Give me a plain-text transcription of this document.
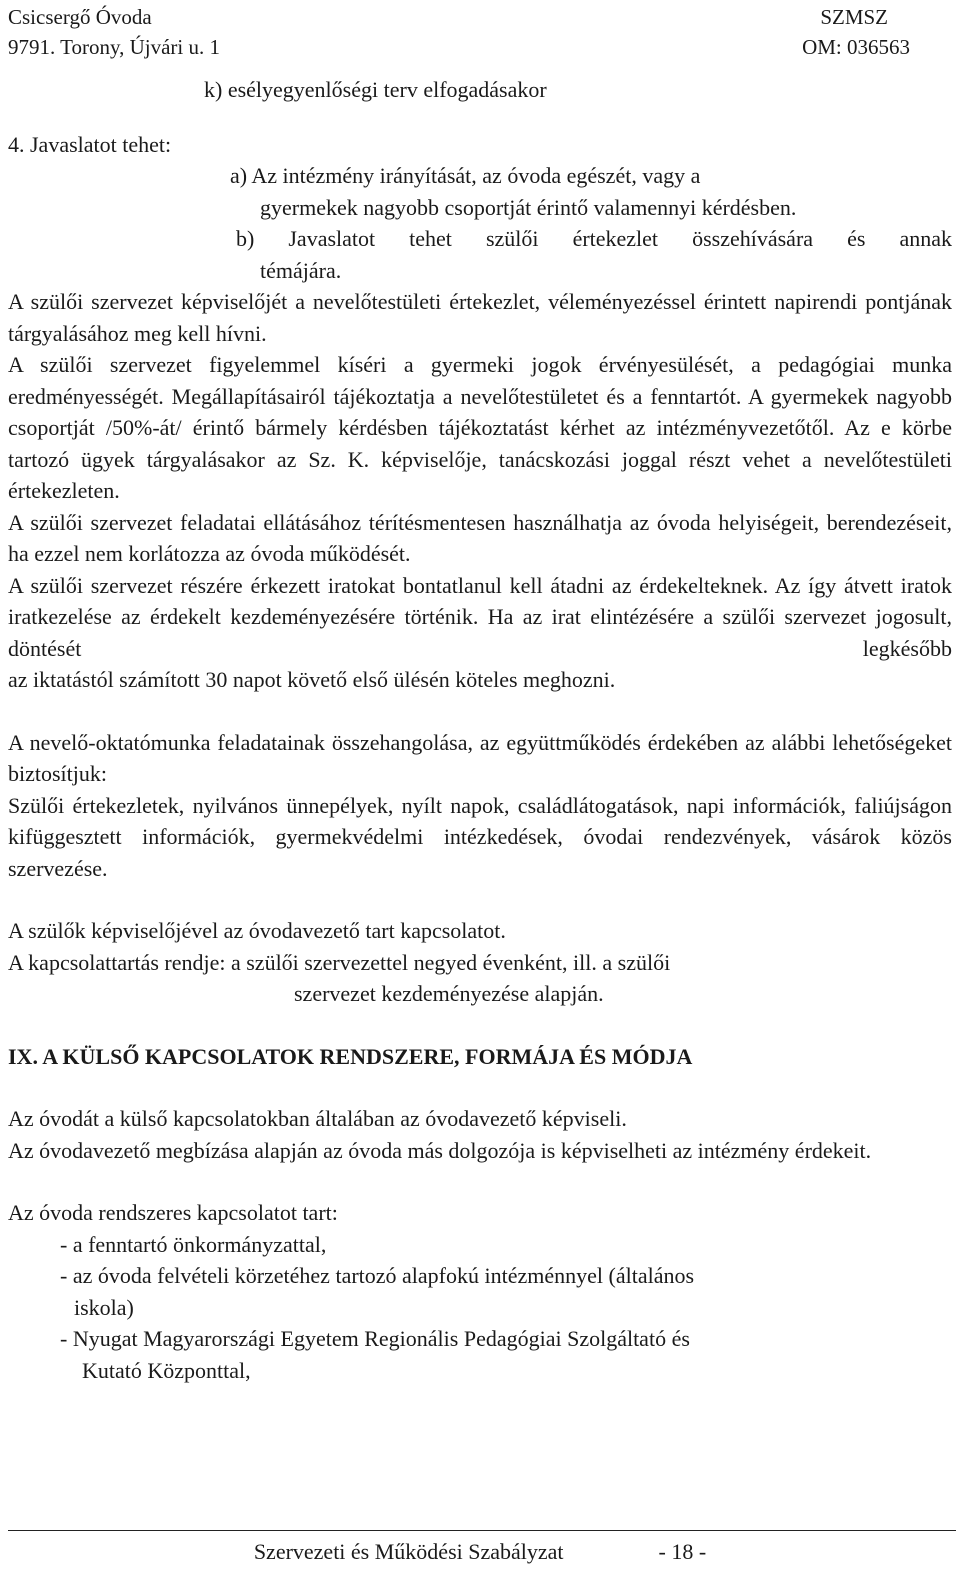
Csicsergő Óvoda	SZMSZ
9791. Torony, Újvári u. 1	OM: 036563

k) esélyegyenlőségi terv elfogadásakor

4. Javaslatot tehet:

a) Az intézmény irányítását, az óvoda egészét, vagy a

gyermekek nagyobb csoportját érintő valamennyi kérdésben.

b) Javaslatot tehet szülői értekezlet összehívására és annak

témájára.

A szülői szervezet képviselőjét a nevelőtestületi értekezlet, véleményezéssel érintett napirendi pontjának tárgyalásához meg kell hívni.

A szülői szervezet figyelemmel kíséri a gyermeki jogok érvényesülését, a pedagógiai munka eredményességét. Megállapításairól tájékoztatja a nevelőtestületet és a fenntartót. A gyermekek nagyobb csoportját /50%-át/ érintő bármely kérdésben tájékoztatást kérhet az intézményvezetőtől. Az e körbe tartozó ügyek tárgyalásakor az Sz. K. képviselője, tanácskozási joggal részt vehet a nevelőtestületi értekezleten.

A szülői szervezet feladatai ellátásához térítésmentesen használhatja az óvoda helyiségeit, berendezéseit, ha ezzel nem korlátozza az óvoda működését.

A szülői szervezet részére érkezett iratokat bontatlanul kell átadni az érdekelteknek. Az így átvett iratok iratkezelése az érdekelt kezdeményezésére történik. Ha az irat elintézésére a szülői szervezet jogosult, döntését legkésőbb

az iktatástól számított 30 napot követő első ülésén köteles meghozni.

A nevelő-oktatómunka feladatainak összehangolása, az együttműködés érdekében az alábbi lehetőségeket biztosítjuk:

Szülői értekezletek, nyilvános ünnepélyek, nyílt napok, családlátogatások, napi információk, faliújságon kifüggesztett információk, gyermekvédelmi intézkedések, óvodai rendezvények, vásárok közös szervezése.

A szülők képviselőjével az óvodavezető tart kapcsolatot.

A kapcsolattartás rendje: a szülői szervezettel negyed évenként, ill. a szülői

szervezet kezdeményezése alapján.

IX. A KÜLSŐ KAPCSOLATOK RENDSZERE, FORMÁJA ÉS MÓDJA

Az óvodát a külső kapcsolatokban általában az óvodavezető képviseli.

Az óvodavezető megbízása alapján az óvoda más dolgozója is képviselheti az intézmény érdekeit.

Az óvoda rendszeres kapcsolatot tart:

- a fenntartó önkormányzattal,

- az óvoda felvételi körzetéhez tartozó alapfokú intézménnyel (általános

iskola)

- Nyugat Magyarországi Egyetem Regionális Pedagógiai Szolgáltató és

Kutató Központtal,

Szervezeti és Működési Szabályzat	- 18 -
